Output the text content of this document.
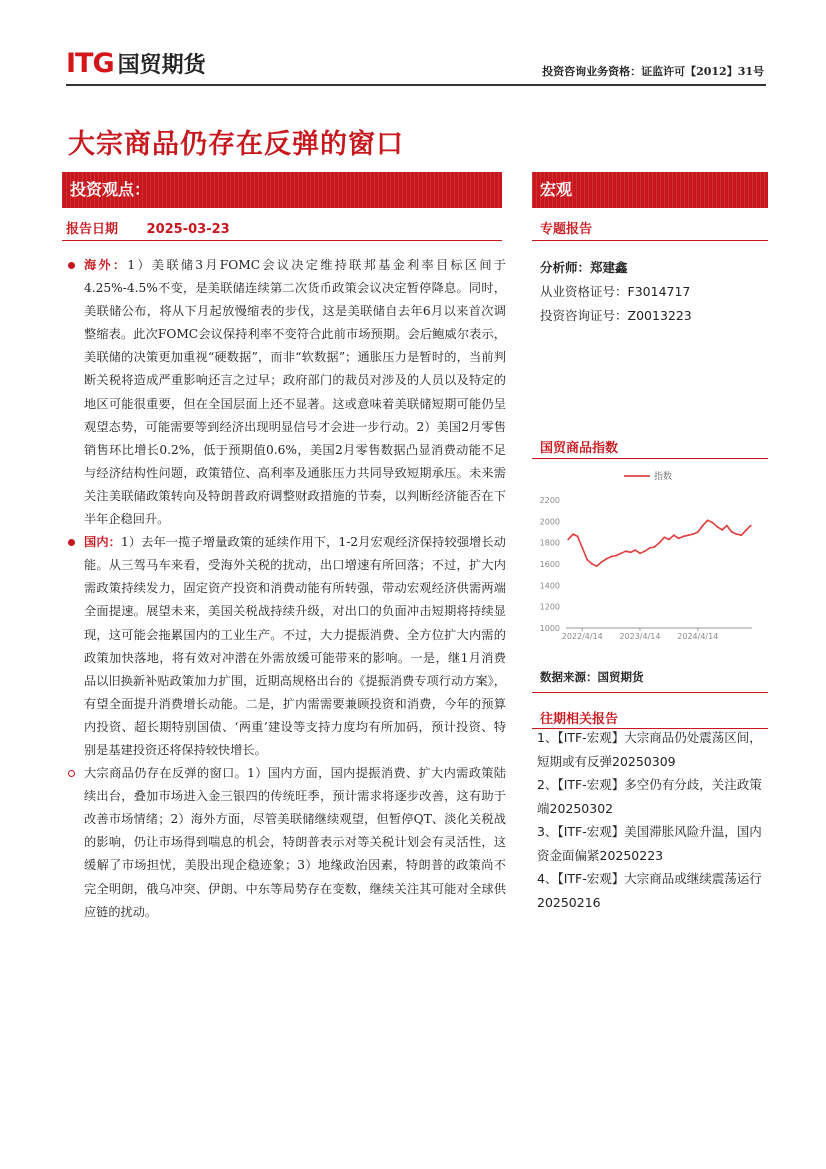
ITG 国贸期货	投资咨询业务资格：证监许可【2012】31号
大宗商品仍存在反弹的窗口
投资观点：	宏观
报告日期 2025-03-23
海外：1）美联储3月FOMC会议决定维持联邦基金利率目标区间于4.25%-4.5%不变，是美联储连续第二次货币政策会议决定暂停降息。同时，美联储公布，将从下月起放慢缩表的步伐，这是美联储自去年6月以来首次调整缩表。此次FOMC会议保持利率不变符合此前市场预期。会后鲍威尔表示，美联储的决策更加重视“硬数据”，而非“软数据”；通胀压力是暂时的，当前判断关税将造成严重影响还言之过早；政府部门的裁员对涉及的人员以及特定的地区可能很重要，但在全国层面上还不显著。这或意味着美联储短期可能仍呈观望态势，可能需要等到经济出现明显信号才会进一步行动。2）美国2月零售销售环比增长0.2%，低于预期值0.6%，美国2月零售数据凸显消费动能不足与经济结构性问题，政策错位、高利率及通胀压力共同导致短期承压。未来需关注美联储政策转向及特朗普政府调整财政措施的节奏，以判断经济能否在下半年企稳回升。
国内：1）去年一揽子增量政策的延续作用下，1-2月宏观经济保持较强增长动能。从三驾马车来看，受海外关税的扰动，出口增速有所回落；不过，扩大内需政策持续发力，固定资产投资和消费动能有所转强，带动宏观经济供需两端全面提速。展望未来，美国关税战持续升级，对出口的负面冲击短期将持续显现，这可能会拖累国内的工业生产。不过，大力提振消费、全方位扩大内需的政策加快落地，将有效对冲潜在外需放缓可能带来的影响。一是，继1月消费品以旧换新补贴政策加力扩围，近期高规格出台的《提振消费专项行动方案》，有望全面提升消费增长动能。二是，扩内需需要兼顾投资和消费，今年的预算内投资、超长期特别国债、‘两重’建设等支持力度均有所加码，预计投资、特别是基建投资还将保持较快增长。
大宗商品仍存在反弹的窗口。1）国内方面，国内提振消费、扩大内需政策陆续出台，叠加市场进入金三银四的传统旺季，预计需求将逐步改善，这有助于改善市场情绪；2）海外方面，尽管美联储继续观望，但暂停QT、淡化关税战的影响，仍让市场得到喘息的机会，特朗普表示对等关税计划会有灵活性，这缓解了市场担忧，美股出现企稳迹象；3）地缘政治因素，特朗普的政策尚不完全明朗，俄乌冲突、伊朗、中东等局势存在变数，继续关注其可能对全球供应链的扰动。
专题报告
分析师：郑建鑫
从业资格证号：F3014717
投资咨询证号：Z0013223
国贸商品指数
1000
1200
1400
1600
1800
2000
2200
2022/4/14 2023/4/14 2024/4/14
指数
数据来源：国贸期货
往期相关报告
1、【ITF-宏观】大宗商品仍处震荡区间，短期或有反弹20250309
2、【ITF-宏观】多空仍有分歧，关注政策端20250302
3、【ITF-宏观】美国滞胀风险升温，国内资金面偏紧20250223
4、【ITF-宏观】大宗商品或继续震荡运行20250216
